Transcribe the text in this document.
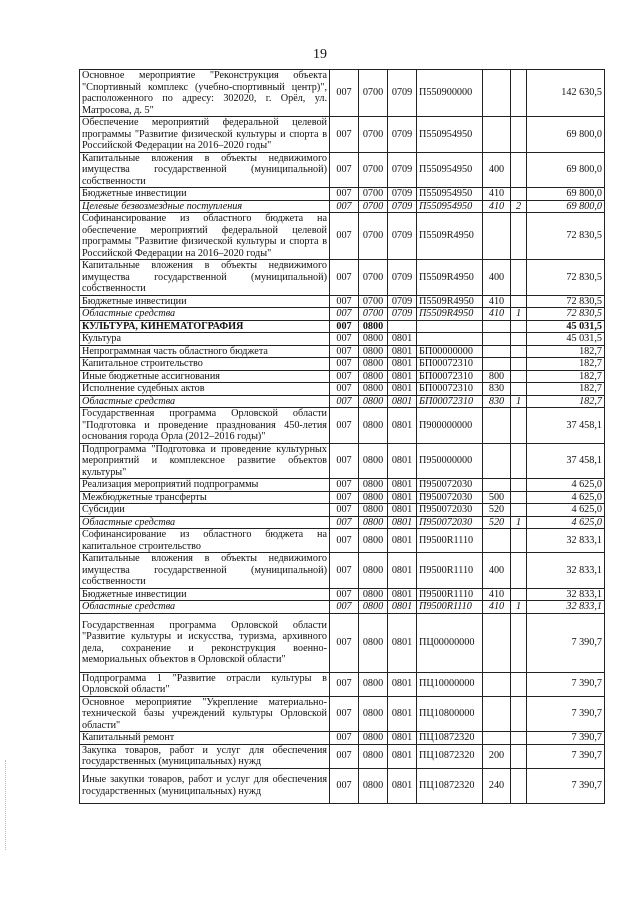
19
Основное мероприятие "Реконструкция объекта "Спортивный комплекс (учебно-спортивный центр)", расположенного по адресу: 302020, г. Орёл, ул. Матросова, д. 5"	007	0700	0709	П550900000			142 630,5
Обеспечение мероприятий федеральной целевой программы "Развитие физической культуры и спорта в Российской Федерации на 2016–2020 годы"	007	0700	0709	П550954950			69 800,0
Капитальные вложения в объекты недвижимого имущества государственной (муниципальной) собственности	007	0700	0709	П550954950	400		69 800,0
Бюджетные инвестиции	007	0700	0709	П550954950	410		69 800,0
Целевые безвозмездные поступления	007	0700	0709	П550954950	410	2	69 800,0
Софинансирование из областного бюджета на обеспечение мероприятий федеральной целевой программы "Развитие физической культуры и спорта в Российской Федерации на 2016–2020 годы"	007	0700	0709	П5509R4950			72 830,5
Капитальные вложения в объекты недвижимого имущества государственной (муниципальной) собственности	007	0700	0709	П5509R4950	400		72 830,5
Бюджетные инвестиции	007	0700	0709	П5509R4950	410		72 830,5
Областные средства	007	0700	0709	П5509R4950	410	1	72 830,5
КУЛЬТУРА, КИНЕМАТОГРАФИЯ	007	0800					45 031,5
Культура	007	0800	0801				45 031,5
Непрограммная часть областного бюджета	007	0800	0801	БП00000000			182,7
Капитальное строительство	007	0800	0801	БП00072310			182,7
Иные бюджетные ассигнования	007	0800	0801	БП00072310	800		182,7
Исполнение судебных актов	007	0800	0801	БП00072310	830		182,7
Областные средства	007	0800	0801	БП00072310	830	1	182,7
Государственная программа Орловской области "Подготовка и проведение празднования 450-летия основания города Орла (2012–2016 годы)"	007	0800	0801	П900000000			37 458,1
Подпрограмма "Подготовка и проведение культурных мероприятий и комплексное развитие объектов культуры"	007	0800	0801	П950000000			37 458,1
Реализация мероприятий подпрограммы	007	0800	0801	П950072030			4 625,0
Межбюджетные трансферты	007	0800	0801	П950072030	500		4 625,0
Субсидии	007	0800	0801	П950072030	520		4 625,0
Областные средства	007	0800	0801	П950072030	520	1	4 625,0
Софинансирование из областного бюджета на капитальное строительство	007	0800	0801	П9500R1110			32 833,1
Капитальные вложения в объекты недвижимого имущества государственной (муниципальной) собственности	007	0800	0801	П9500R1110	400		32 833,1
Бюджетные инвестиции	007	0800	0801	П9500R1110	410		32 833,1
Областные средства	007	0800	0801	П9500R1110	410	1	32 833,1
Государственная программа Орловской области "Развитие культуры и искусства, туризма, архивного дела, сохранение и реконструкция военно-мемориальных объектов в Орловской области"	007	0800	0801	ПЦ00000000			7 390,7
Подпрограмма 1 "Развитие отрасли культуры в Орловской области"	007	0800	0801	ПЦ10000000			7 390,7
Основное мероприятие "Укрепление материально-технической базы учреждений культуры Орловской области"	007	0800	0801	ПЦ10800000			7 390,7
Капитальный ремонт	007	0800	0801	ПЦ10872320			7 390,7
Закупка товаров, работ и услуг для обеспечения государственных (муниципальных) нужд	007	0800	0801	ПЦ10872320	200		7 390,7
Иные закупки товаров, работ и услуг для обеспечения государственных (муниципальных) нужд	007	0800	0801	ПЦ10872320	240		7 390,7
